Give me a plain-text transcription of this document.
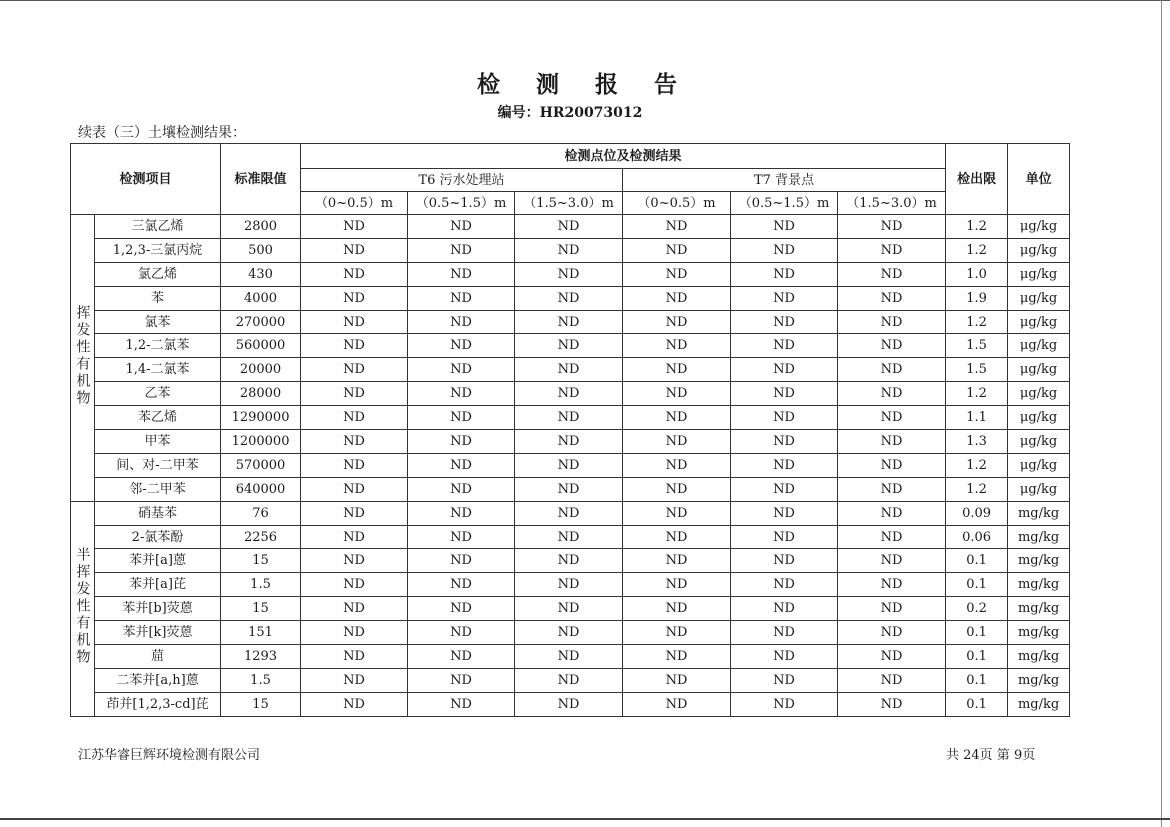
检 测 报 告
编号：HR20073012
续表（三）土壤检测结果：
检测项目		标准限值	检测点位及检测结果						检出限	单位
			T6 污水处理站			T7 背景点				
			（0~0.5）m	（0.5~1.5）m	（1.5~3.0）m	（0~0.5）m	（0.5~1.5）m	（1.5~3.0）m		
挥发性有机物	三氯乙烯	2800	ND	ND	ND	ND	ND	ND	1.2	μg/kg
	1,2,3-三氯丙烷	500	ND	ND	ND	ND	ND	ND	1.2	μg/kg
	氯乙烯	430	ND	ND	ND	ND	ND	ND	1.0	μg/kg
	苯	4000	ND	ND	ND	ND	ND	ND	1.9	μg/kg
	氯苯	270000	ND	ND	ND	ND	ND	ND	1.2	μg/kg
	1,2-二氯苯	560000	ND	ND	ND	ND	ND	ND	1.5	μg/kg
	1,4-二氯苯	20000	ND	ND	ND	ND	ND	ND	1.5	μg/kg
	乙苯	28000	ND	ND	ND	ND	ND	ND	1.2	μg/kg
	苯乙烯	1290000	ND	ND	ND	ND	ND	ND	1.1	μg/kg
	甲苯	1200000	ND	ND	ND	ND	ND	ND	1.3	μg/kg
	间、对-二甲苯	570000	ND	ND	ND	ND	ND	ND	1.2	μg/kg
	邻-二甲苯	640000	ND	ND	ND	ND	ND	ND	1.2	μg/kg
半挥发性有机物	硝基苯	76	ND	ND	ND	ND	ND	ND	0.09	mg/kg
	2-氯苯酚	2256	ND	ND	ND	ND	ND	ND	0.06	mg/kg
	苯并[a]蒽	15	ND	ND	ND	ND	ND	ND	0.1	mg/kg
	苯并[a]芘	1.5	ND	ND	ND	ND	ND	ND	0.1	mg/kg
	苯并[b]荧蒽	15	ND	ND	ND	ND	ND	ND	0.2	mg/kg
	苯并[k]荧蒽	151	ND	ND	ND	ND	ND	ND	0.1	mg/kg
	䓛	1293	ND	ND	ND	ND	ND	ND	0.1	mg/kg
	二苯并[a,h]蒽	1.5	ND	ND	ND	ND	ND	ND	0.1	mg/kg
	茚并[1,2,3-cd]芘	15	ND	ND	ND	ND	ND	ND	0.1	mg/kg
江苏华睿巨辉环境检测有限公司	共 24页 第 9页
